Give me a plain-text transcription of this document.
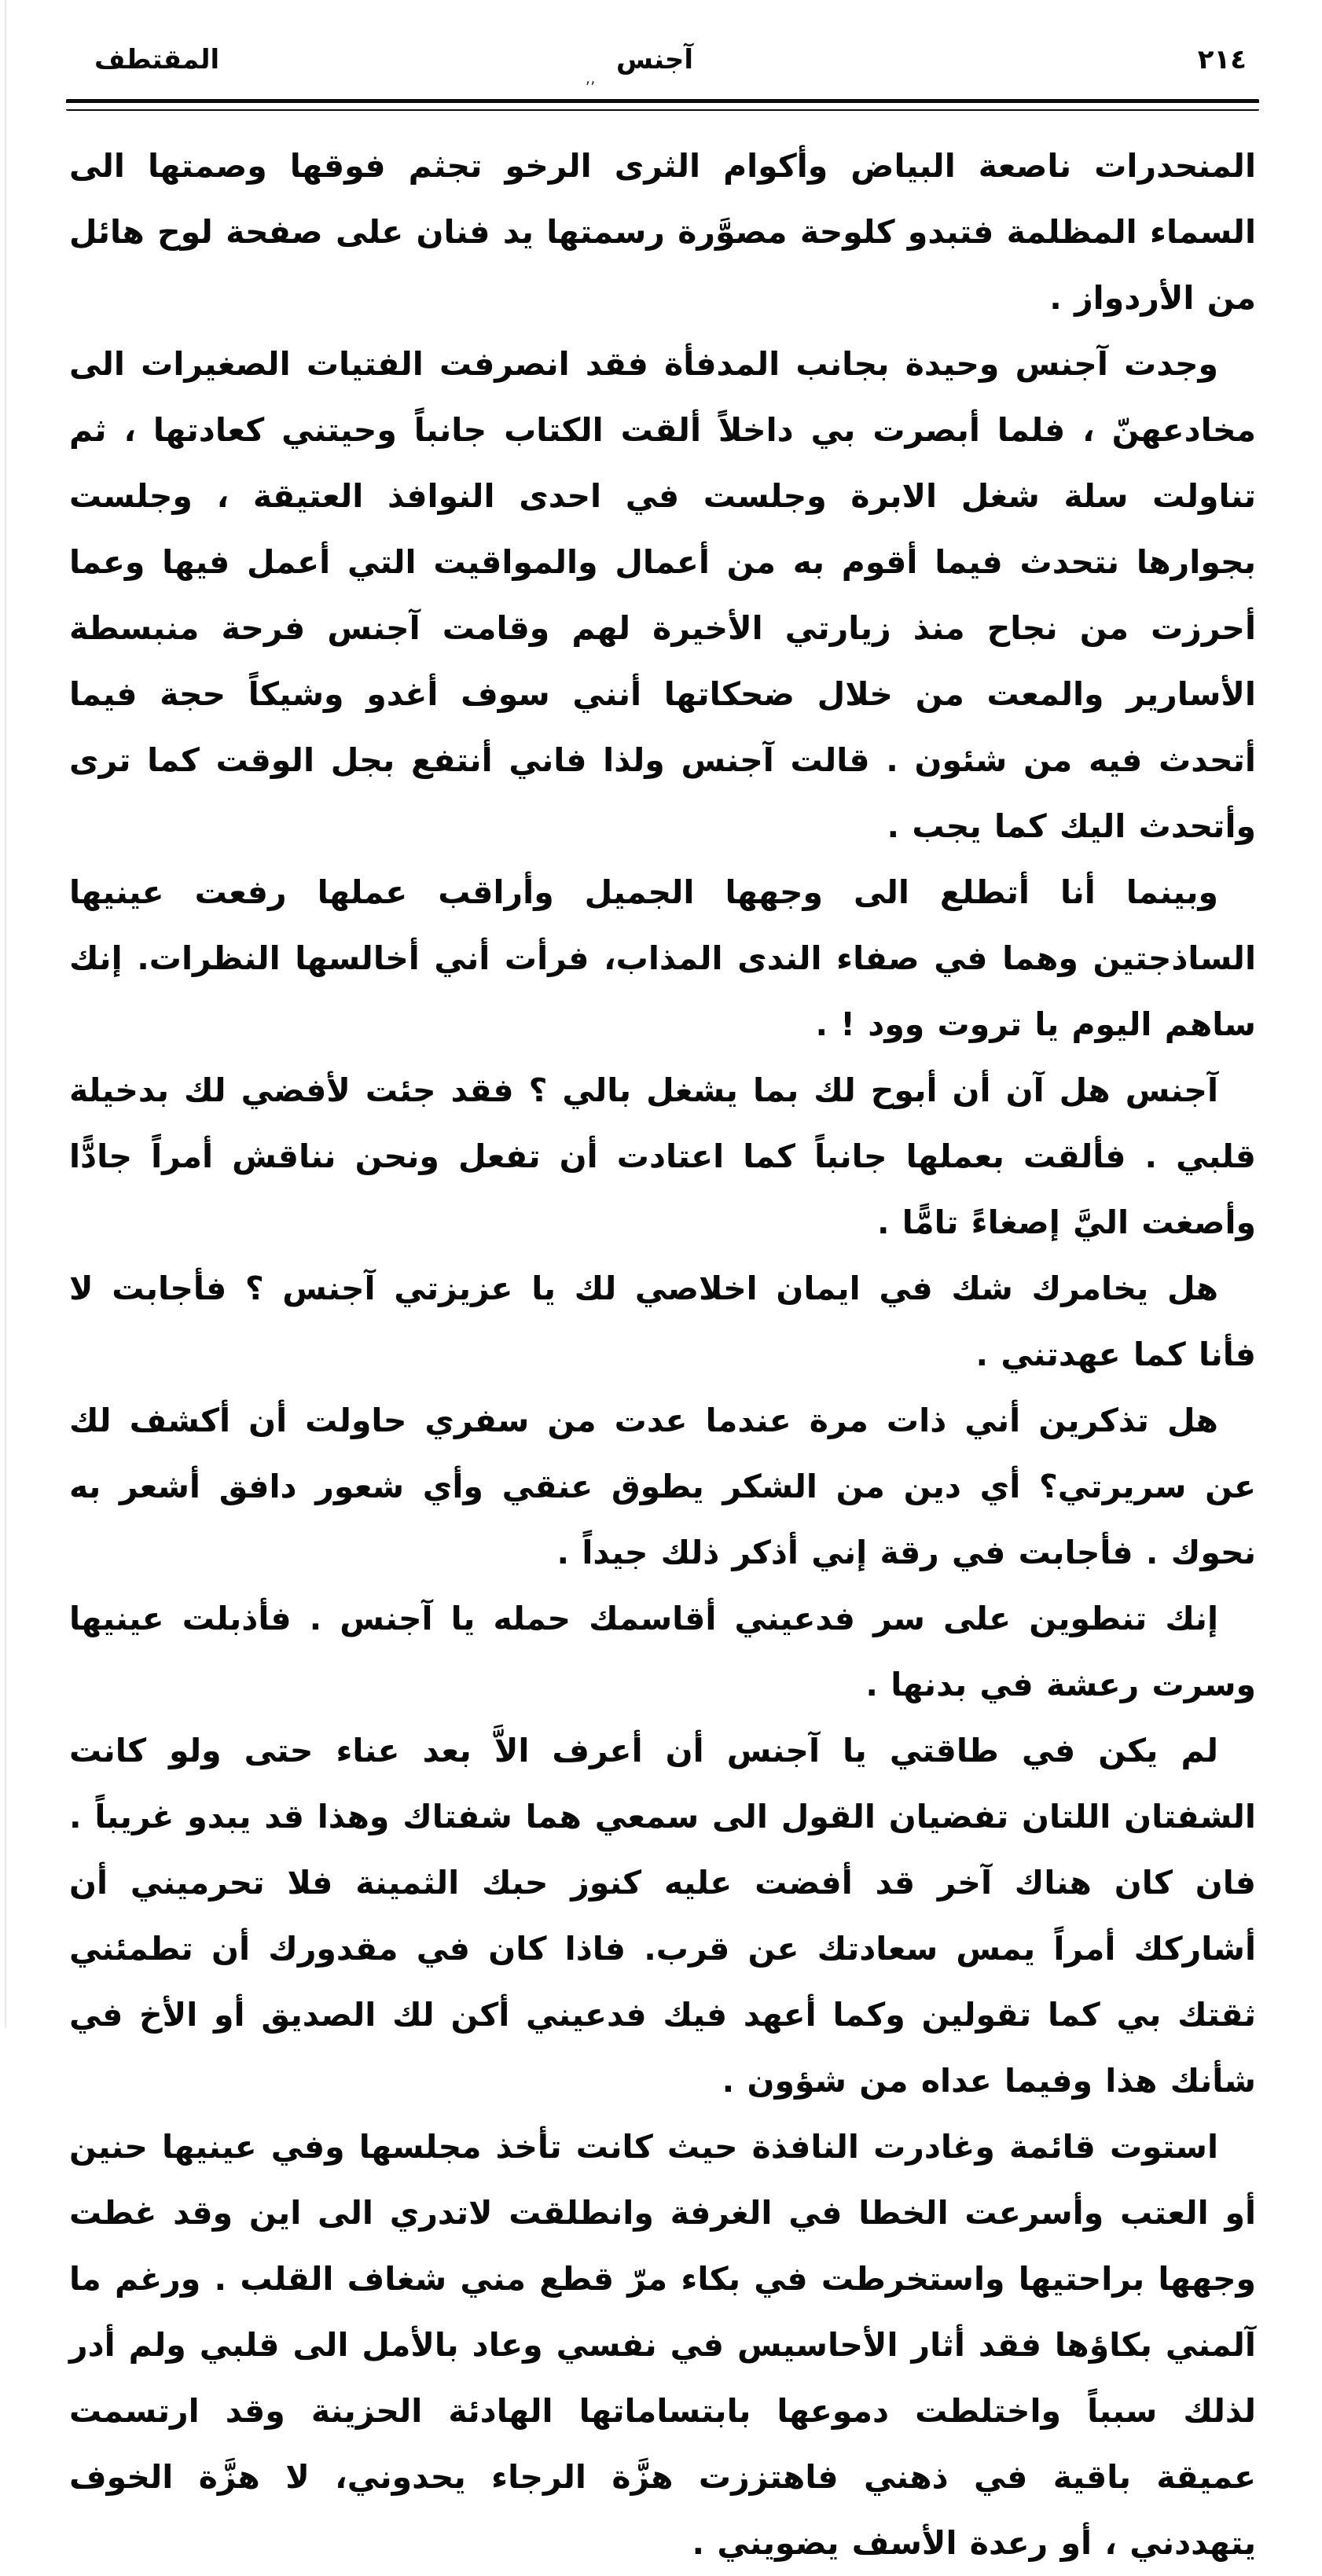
المقتطف	آجنس	٢١٤
٬٬

المنحدرات ناصعة البياض وأكوام الثرى الرخو تجثم فوقها وصمتها الى السماء المظلمة فتبدو كلوحة مصوَّرة رسمتها يد فنان على صفحة لوح هائل من الأردواز .

وجدت آجنس وحيدة بجانب المدفأة فقد انصرفت الفتيات الصغيرات الى مخادعهنّ ، فلما أبصرت بي داخلاً ألقت الكتاب جانباً وحيتني كعادتها ، ثم تناولت سلة شغل الابرة وجلست في احدى النوافذ العتيقة ، وجلست بجوارها نتحدث فيما أقوم به من أعمال والمواقيت التي أعمل فيها وعما أحرزت من نجاح منذ زيارتي الأخيرة لهم وقامت آجنس فرحة منبسطة الأسارير والمعت من خلال ضحكاتها أنني سوف أغدو وشيكاً حجة فيما أتحدث فيه من شئون . قالت آجنس ولذا فاني أنتفع بجل الوقت كما ترى وأتحدث اليك كما يجب .

وبينما أنا أتطلع الى وجهها الجميل وأراقب عملها رفعت عينيها الساذجتين وهما في صفاء الندى المذاب، فرأت أني أخالسها النظرات. إنك ساهم اليوم يا تروت وود ! .

آجنس هل آن أن أبوح لك بما يشغل بالي ؟ فقد جئت لأفضي لك بدخيلة قلبي . فألقت بعملها جانباً كما اعتادت أن تفعل ونحن نناقش أمراً جادًّا وأصغت اليَّ إصغاءً تامًّا .

هل يخامرك شك في ايمان اخلاصي لك يا عزيزتي آجنس ؟ فأجابت لا فأنا كما عهدتني .

هل تذكرين أني ذات مرة عندما عدت من سفري حاولت أن أكشف لك عن سريرتي؟ أي دين من الشكر يطوق عنقي وأي شعور دافق أشعر به نحوك . فأجابت في رقة إني أذكر ذلك جيداً .

إنك تنطوين على سر فدعيني أقاسمك حمله يا آجنس . فأذبلت عينيها وسرت رعشة في بدنها .

لم يكن في طاقتي يا آجنس أن أعرف الاَّ بعد عناء حتى ولو كانت الشفتان اللتان تفضيان القول الى سمعي هما شفتاك وهذا قد يبدو غريباً . فان كان هناك آخر قد أفضت عليه كنوز حبك الثمينة فلا تحرميني أن أشاركك أمراً يمس سعادتك عن قرب. فاذا كان في مقدورك أن تطمئني ثقتك بي كما تقولين وكما أعهد فيك فدعيني أكن لك الصديق أو الأخ في شأنك هذا وفيما عداه من شؤون .

استوت قائمة وغادرت النافذة حيث كانت تأخذ مجلسها وفي عينيها حنين أو العتب وأسرعت الخطا في الغرفة وانطلقت لاتدري الى اين وقد غطت وجهها براحتيها واستخرطت في بكاء مرّ قطع مني شغاف القلب . ورغم ما آلمني بكاؤها فقد أثار الأحاسيس في نفسي وعاد بالأمل الى قلبي ولم أدر لذلك سبباً واختلطت دموعها بابتساماتها الهادئة الحزينة وقد ارتسمت عميقة باقية في ذهني فاهتززت هزَّة الرجاء يحدوني، لا هزَّة الخوف يتهددني ، أو رعدة الأسف يضويني .
